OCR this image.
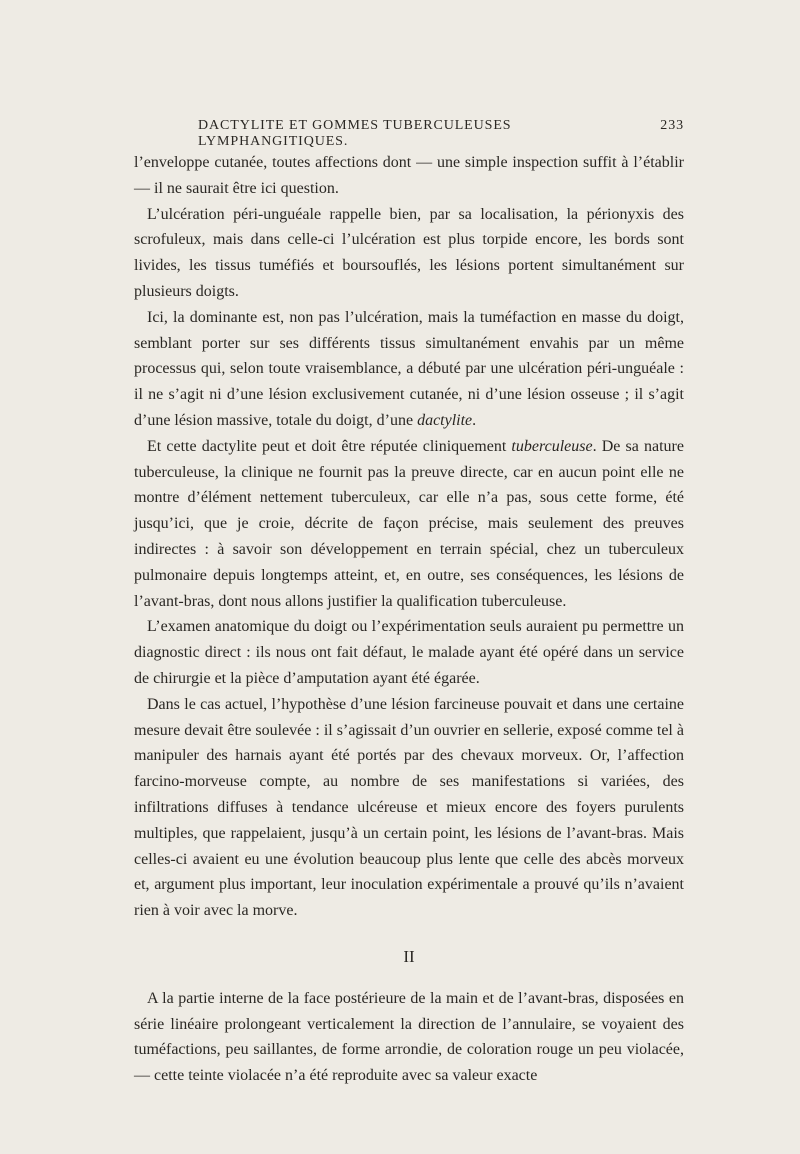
DACTYLITE ET GOMMES TUBERCULEUSES LYMPHANGITIQUES.
233

l’enveloppe cutanée, toutes affections dont — une simple inspection suffit à l’établir — il ne saurait être ici question.

L’ulcération péri-unguéale rappelle bien, par sa localisation, la périonyxis des scrofuleux, mais dans celle-ci l’ulcération est plus torpide encore, les bords sont livides, les tissus tuméfiés et boursouflés, les lésions portent simultanément sur plusieurs doigts.

Ici, la dominante est, non pas l’ulcération, mais la tuméfaction en masse du doigt, semblant porter sur ses différents tissus simultanément envahis par un même processus qui, selon toute vraisemblance, a débuté par une ulcération péri-unguéale : il ne s’agit ni d’une lésion exclusivement cutanée, ni d’une lésion osseuse ; il s’agit d’une lésion massive, totale du doigt, d’une dactylite.

Et cette dactylite peut et doit être réputée cliniquement tuberculeuse. De sa nature tuberculeuse, la clinique ne fournit pas la preuve directe, car en aucun point elle ne montre d’élément nettement tuberculeux, car elle n’a pas, sous cette forme, été jusqu’ici, que je croie, décrite de façon précise, mais seulement des preuves indirectes : à savoir son développement en terrain spécial, chez un tuberculeux pulmonaire depuis longtemps atteint, et, en outre, ses conséquences, les lésions de l’avant-bras, dont nous allons justifier la qualification tuberculeuse.

L’examen anatomique du doigt ou l’expérimentation seuls auraient pu permettre un diagnostic direct : ils nous ont fait défaut, le malade ayant été opéré dans un service de chirurgie et la pièce d’amputation ayant été égarée.

Dans le cas actuel, l’hypothèse d’une lésion farcineuse pouvait et dans une certaine mesure devait être soulevée : il s’agissait d’un ouvrier en sellerie, exposé comme tel à manipuler des harnais ayant été portés par des chevaux morveux. Or, l’affection farcino-morveuse compte, au nombre de ses manifestations si variées, des infiltrations diffuses à tendance ulcéreuse et mieux encore des foyers purulents multiples, que rappelaient, jusqu’à un certain point, les lésions de l’avant-bras. Mais celles-ci avaient eu une évolution beaucoup plus lente que celle des abcès morveux et, argument plus important, leur inoculation expérimentale a prouvé qu’ils n’avaient rien à voir avec la morve.

II

A la partie interne de la face postérieure de la main et de l’avant-bras, disposées en série linéaire prolongeant verticalement la direction de l’annulaire, se voyaient des tuméfactions, peu saillantes, de forme arrondie, de coloration rouge un peu violacée, — cette teinte violacée n’a été reproduite avec sa valeur exacte
